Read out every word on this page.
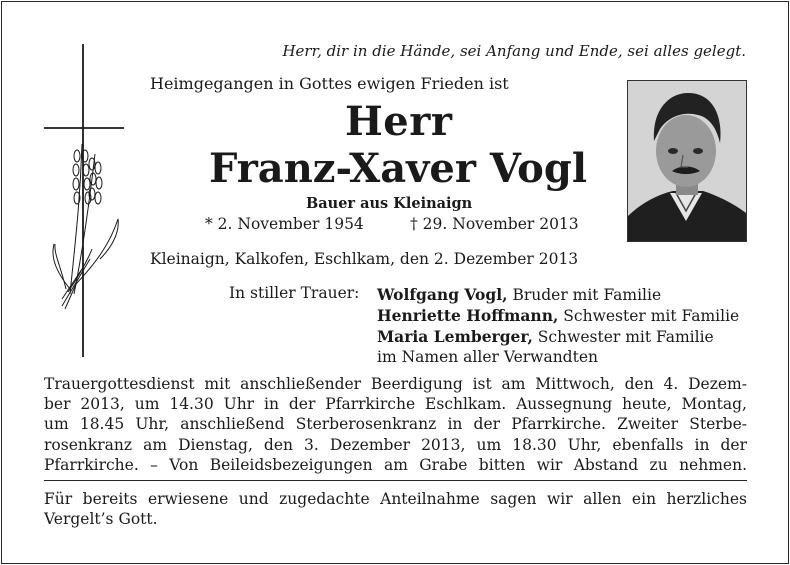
Herr, dir in die Hände, sei Anfang und Ende, sei alles gelegt.
Heimgegangen in Gottes ewigen Frieden ist
Herr
Franz-Xaver Vogl
Bauer aus Kleinaign
* 2. November 1954	† 29. November 2013
Kleinaign, Kalkofen, Eschlkam, den 2. Dezember 2013
In stiller Trauer: Wolfgang Vogl, Bruder mit Familie
Henriette Hoffmann, Schwester mit Familie
Maria Lemberger, Schwester mit Familie
im Namen aller Verwandten
Trauergottesdienst mit anschließender Beerdigung ist am Mittwoch, den 4. Dezem-
ber 2013, um 14.30 Uhr in der Pfarrkirche Eschlkam. Aussegnung heute, Montag,
um 18.45 Uhr, anschließend Sterberosenkranz in der Pfarrkirche. Zweiter Sterbe-
rosenkranz am Dienstag, den 3. Dezember 2013, um 18.30 Uhr, ebenfalls in der
Pfarrkirche. – Von Beileidsbezeigungen am Grabe bitten wir Abstand zu nehmen.
Für bereits erwiesene und zugedachte Anteilnahme sagen wir allen ein herzliches
Vergelt’s Gott.
